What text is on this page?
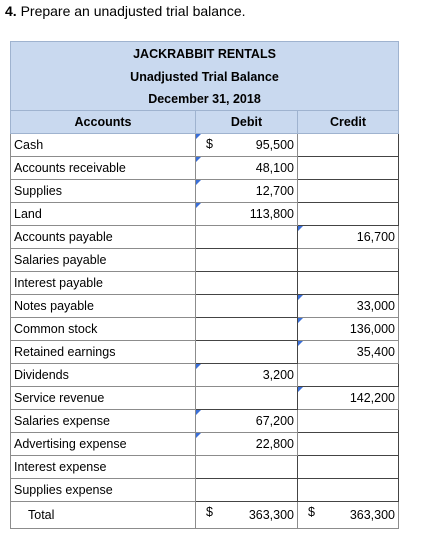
4. Prepare an unadjusted trial balance.
JACKRABBIT RENTALS		
Unadjusted Trial Balance		
December 31, 2018		
Accounts	Debit	Credit
Cash	$ 95,500	
Accounts receivable	48,100	
Supplies	12,700	
Land	113,800	
Accounts payable		16,700
Salaries payable		
Interest payable		
Notes payable		33,000
Common stock		136,000
Retained earnings		35,400
Dividends	3,200	
Service revenue		142,200
Salaries expense	67,200	
Advertising expense	22,800	
Interest expense		
Supplies expense		
Total	$ 363,300	$ 363,300
